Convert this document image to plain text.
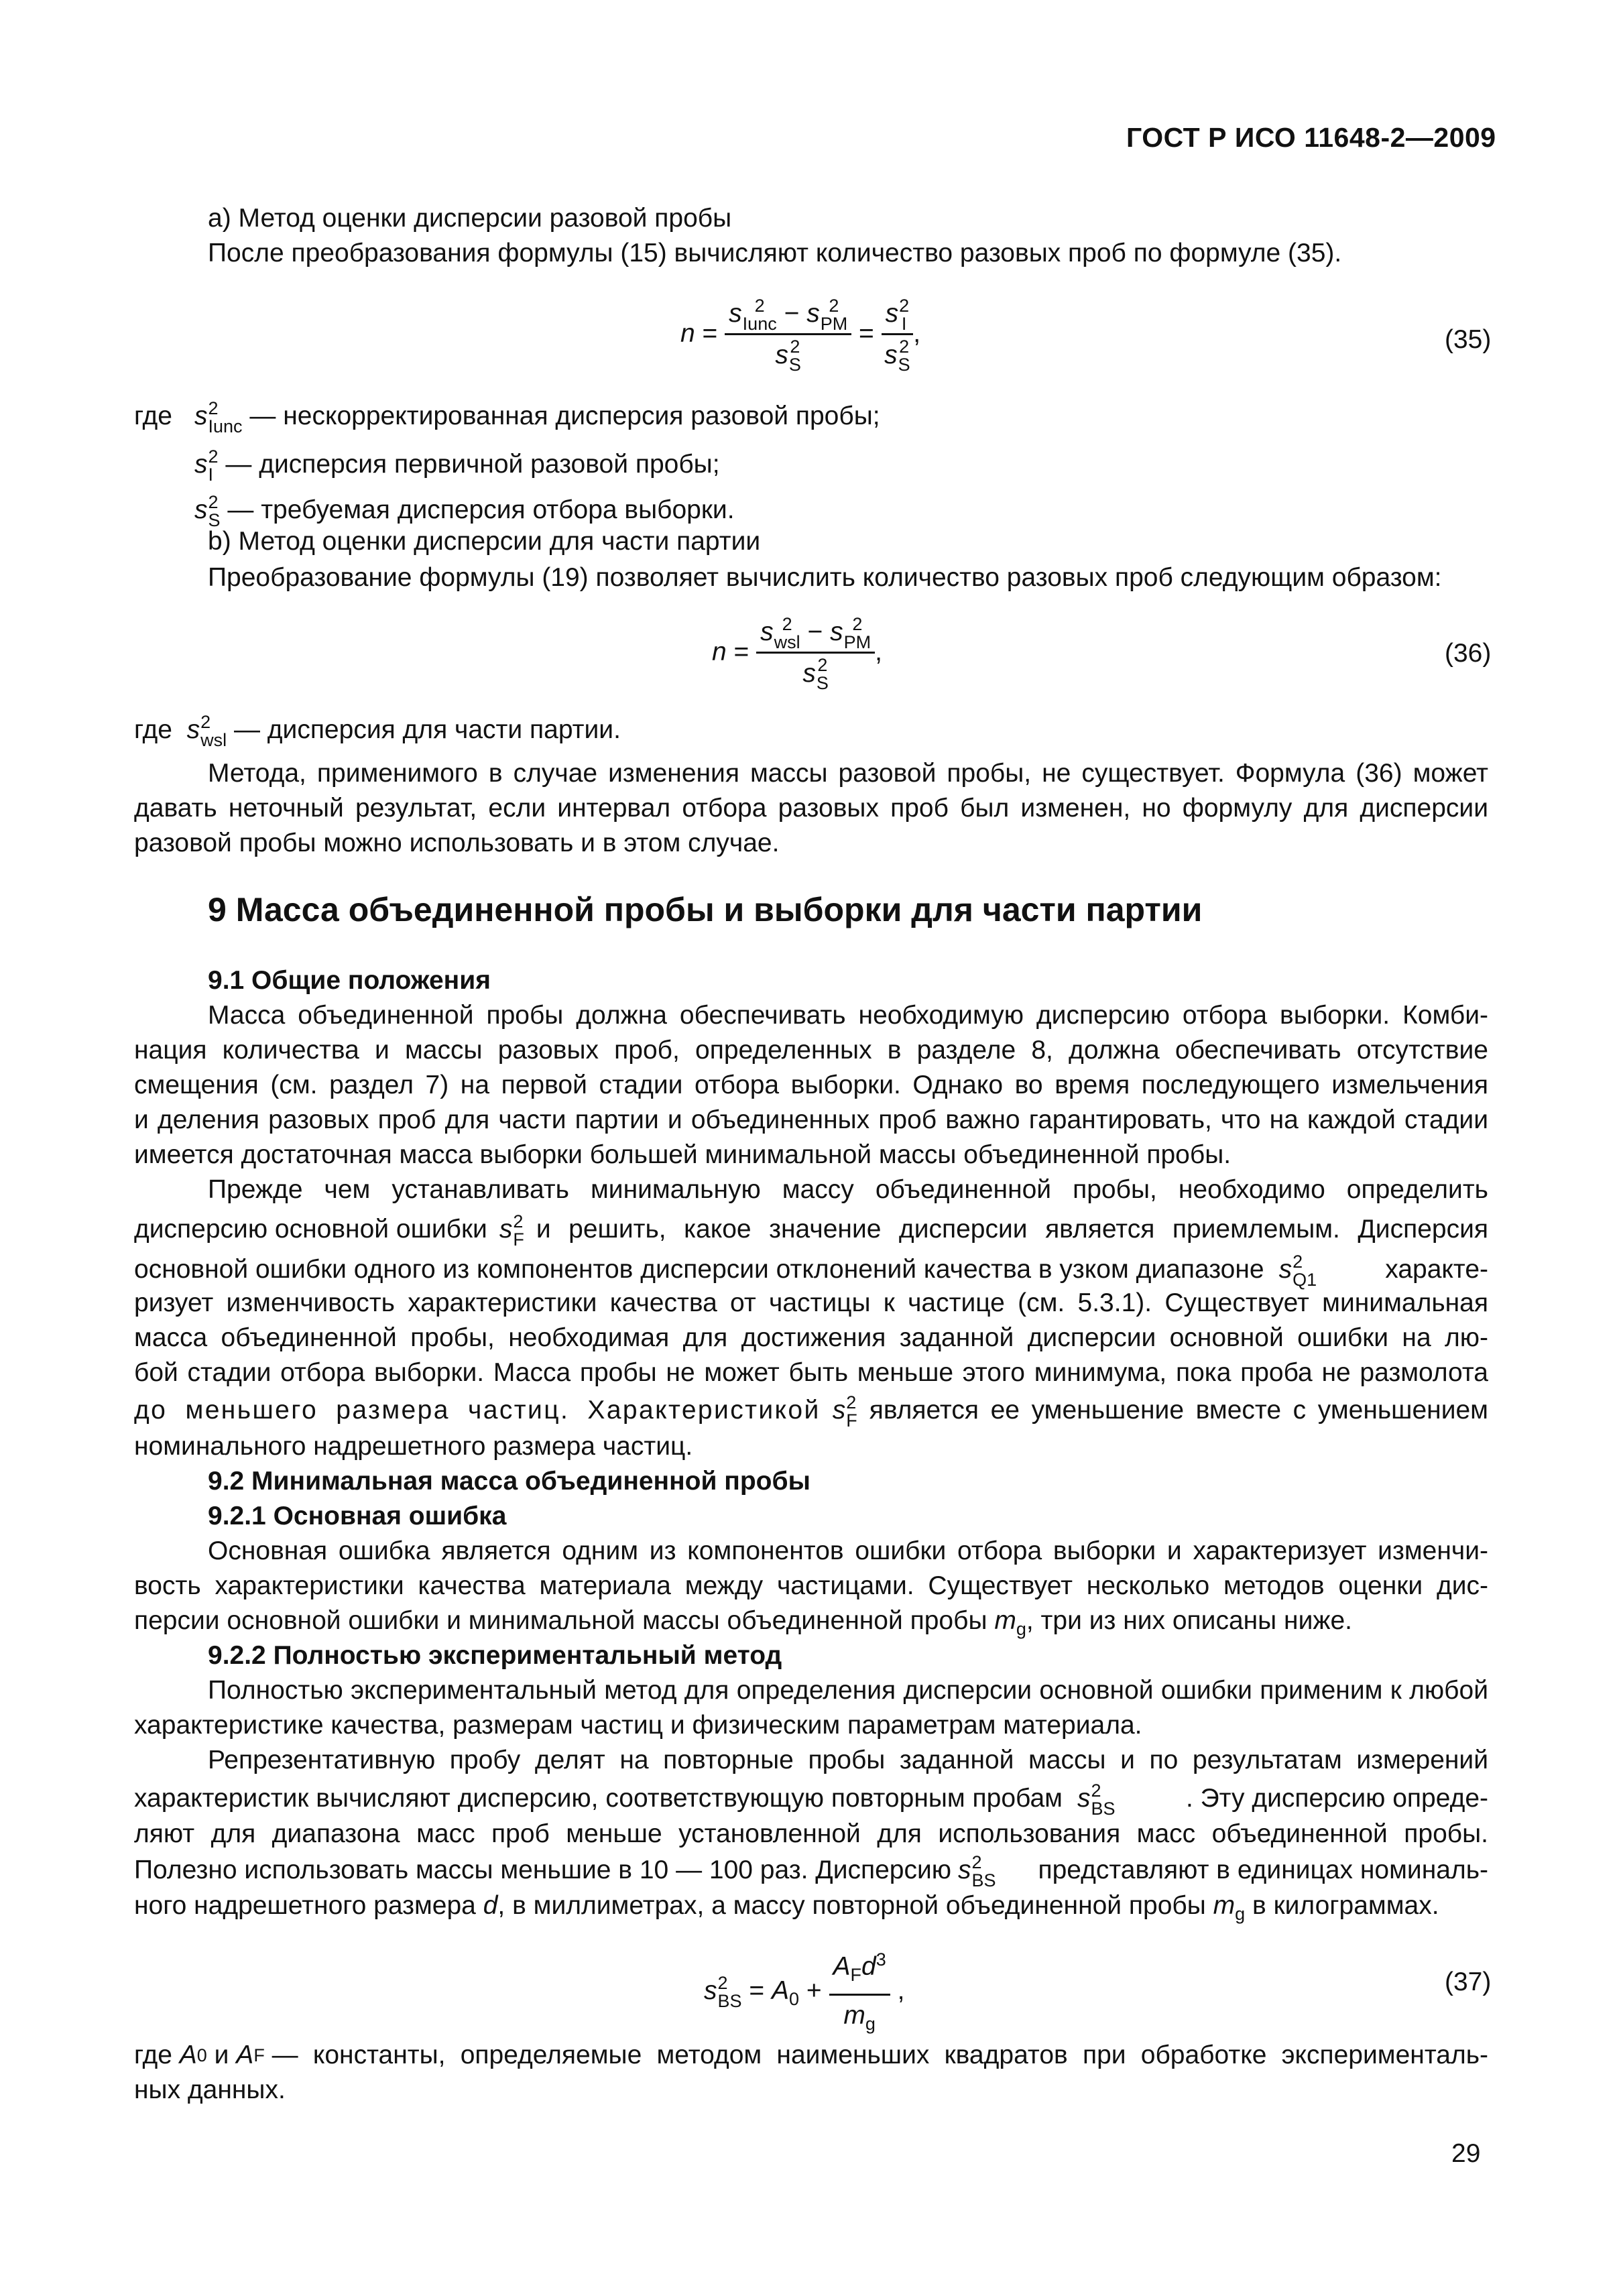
ГОСТ Р ИСО 11648-2—2009
а) Метод оценки дисперсии разовой пробы
После преобразования формулы (15) вычисляют количество разовых проб по формуле (35).
n = s 2
Iunc − s 2
PM
s 2
S = s 2
I
s 2
S ,	(35)
где s 2
Iunc — нескорректированная дисперсия разовой пробы;
s 2
I — дисперсия первичной разовой пробы;
s 2
S — требуемая дисперсия отбора выборки.
b) Метод оценки дисперсии для части партии
Преобразование формулы (19) позволяет вычислить количество разовых проб следующим образом:
n = s 2
wsl − s 2
PM
s 2
S ,	(36)
где s 2
wsl — дисперсия для части партии.
Метода, применимого в случае изменения массы разовой пробы, не существует. Формула (36) может
давать неточный результат, если интервал отбора разовых проб был изменен, но формулу для дисперсии
разовой пробы можно использовать и в этом случае.
9 Масса объединенной пробы и выборки для части партии
9.1 Общие положения
Масса объединенной пробы должна обеспечивать необходимую дисперсию отбора выборки. Комби-
нация количества и массы разовых проб, определенных в разделе 8, должна обеспечивать отсутствие
смещения (см. раздел 7) на первой стадии отбора выборки. Однако во время последующего измельчения
и деления разовых проб для части партии и объединенных проб важно гарантировать, что на каждой стадии
имеется достаточная масса выборки большей минимальной массы объединенной пробы.
Прежде чем устанавливать минимальную массу объединенной пробы, необходимо определить
дисперсию основной ошибки s 2
F и решить, какое значение дисперсии является приемлемым. Дисперсия
основной ошибки одного из компонентов дисперсии отклонений качества в узком диапазоне s 2
Q1	характе-
ризует изменчивость характеристики качества от частицы к частице (см. 5.3.1). Существует минимальная
масса объединенной пробы, необходимая для достижения заданной дисперсии основной ошибки на лю-
бой стадии отбора выборки. Масса пробы не может быть меньше этого минимума, пока проба не размолота
до меньшего размера частиц. Характеристикой s 2
F является ее уменьшение вместе с уменьшением
номинального надрешетного размера частиц.
9.2 Минимальная масса объединенной пробы
9.2.1 Основная ошибка
Основная ошибка является одним из компонентов ошибки отбора выборки и характеризует изменчи-
вость характеристики качества материала между частицами. Существует несколько методов оценки дис-
персии основной ошибки и минимальной массы объединенной пробы $m_g$, три из них описаны ниже.
9.2.2 Полностью экспериментальный метод
Полностью экспериментальный метод для определения дисперсии основной ошибки применим к любой
характеристике качества, размерам частиц и физическим параметрам материала.
Репрезентативную пробу делят на повторные пробы заданной массы и по результатам измерений
характеристик вычисляют дисперсию, соответствующую повторным пробам s 2
BS	. Эту дисперсию опреде-
ляют для диапазона масс проб меньше установленной для использования масс объединенной пробы.
Полезно использовать массы меньшие в 10 — 100 раз. Дисперсию s 2
BS	представляют в единицах номиналь-
ного надрешетного размера d, в миллиметрах, а массу повторной объединенной пробы $m_g$ в килограммах.
s 2
BS = $A_0 + \frac{A_Fd^3}{m_g}$ ,	(37)
где
A 0
и
A F
— константы, определяемые методом наименьших квадратов при обработке эксперименталь-
ных данных.
29
